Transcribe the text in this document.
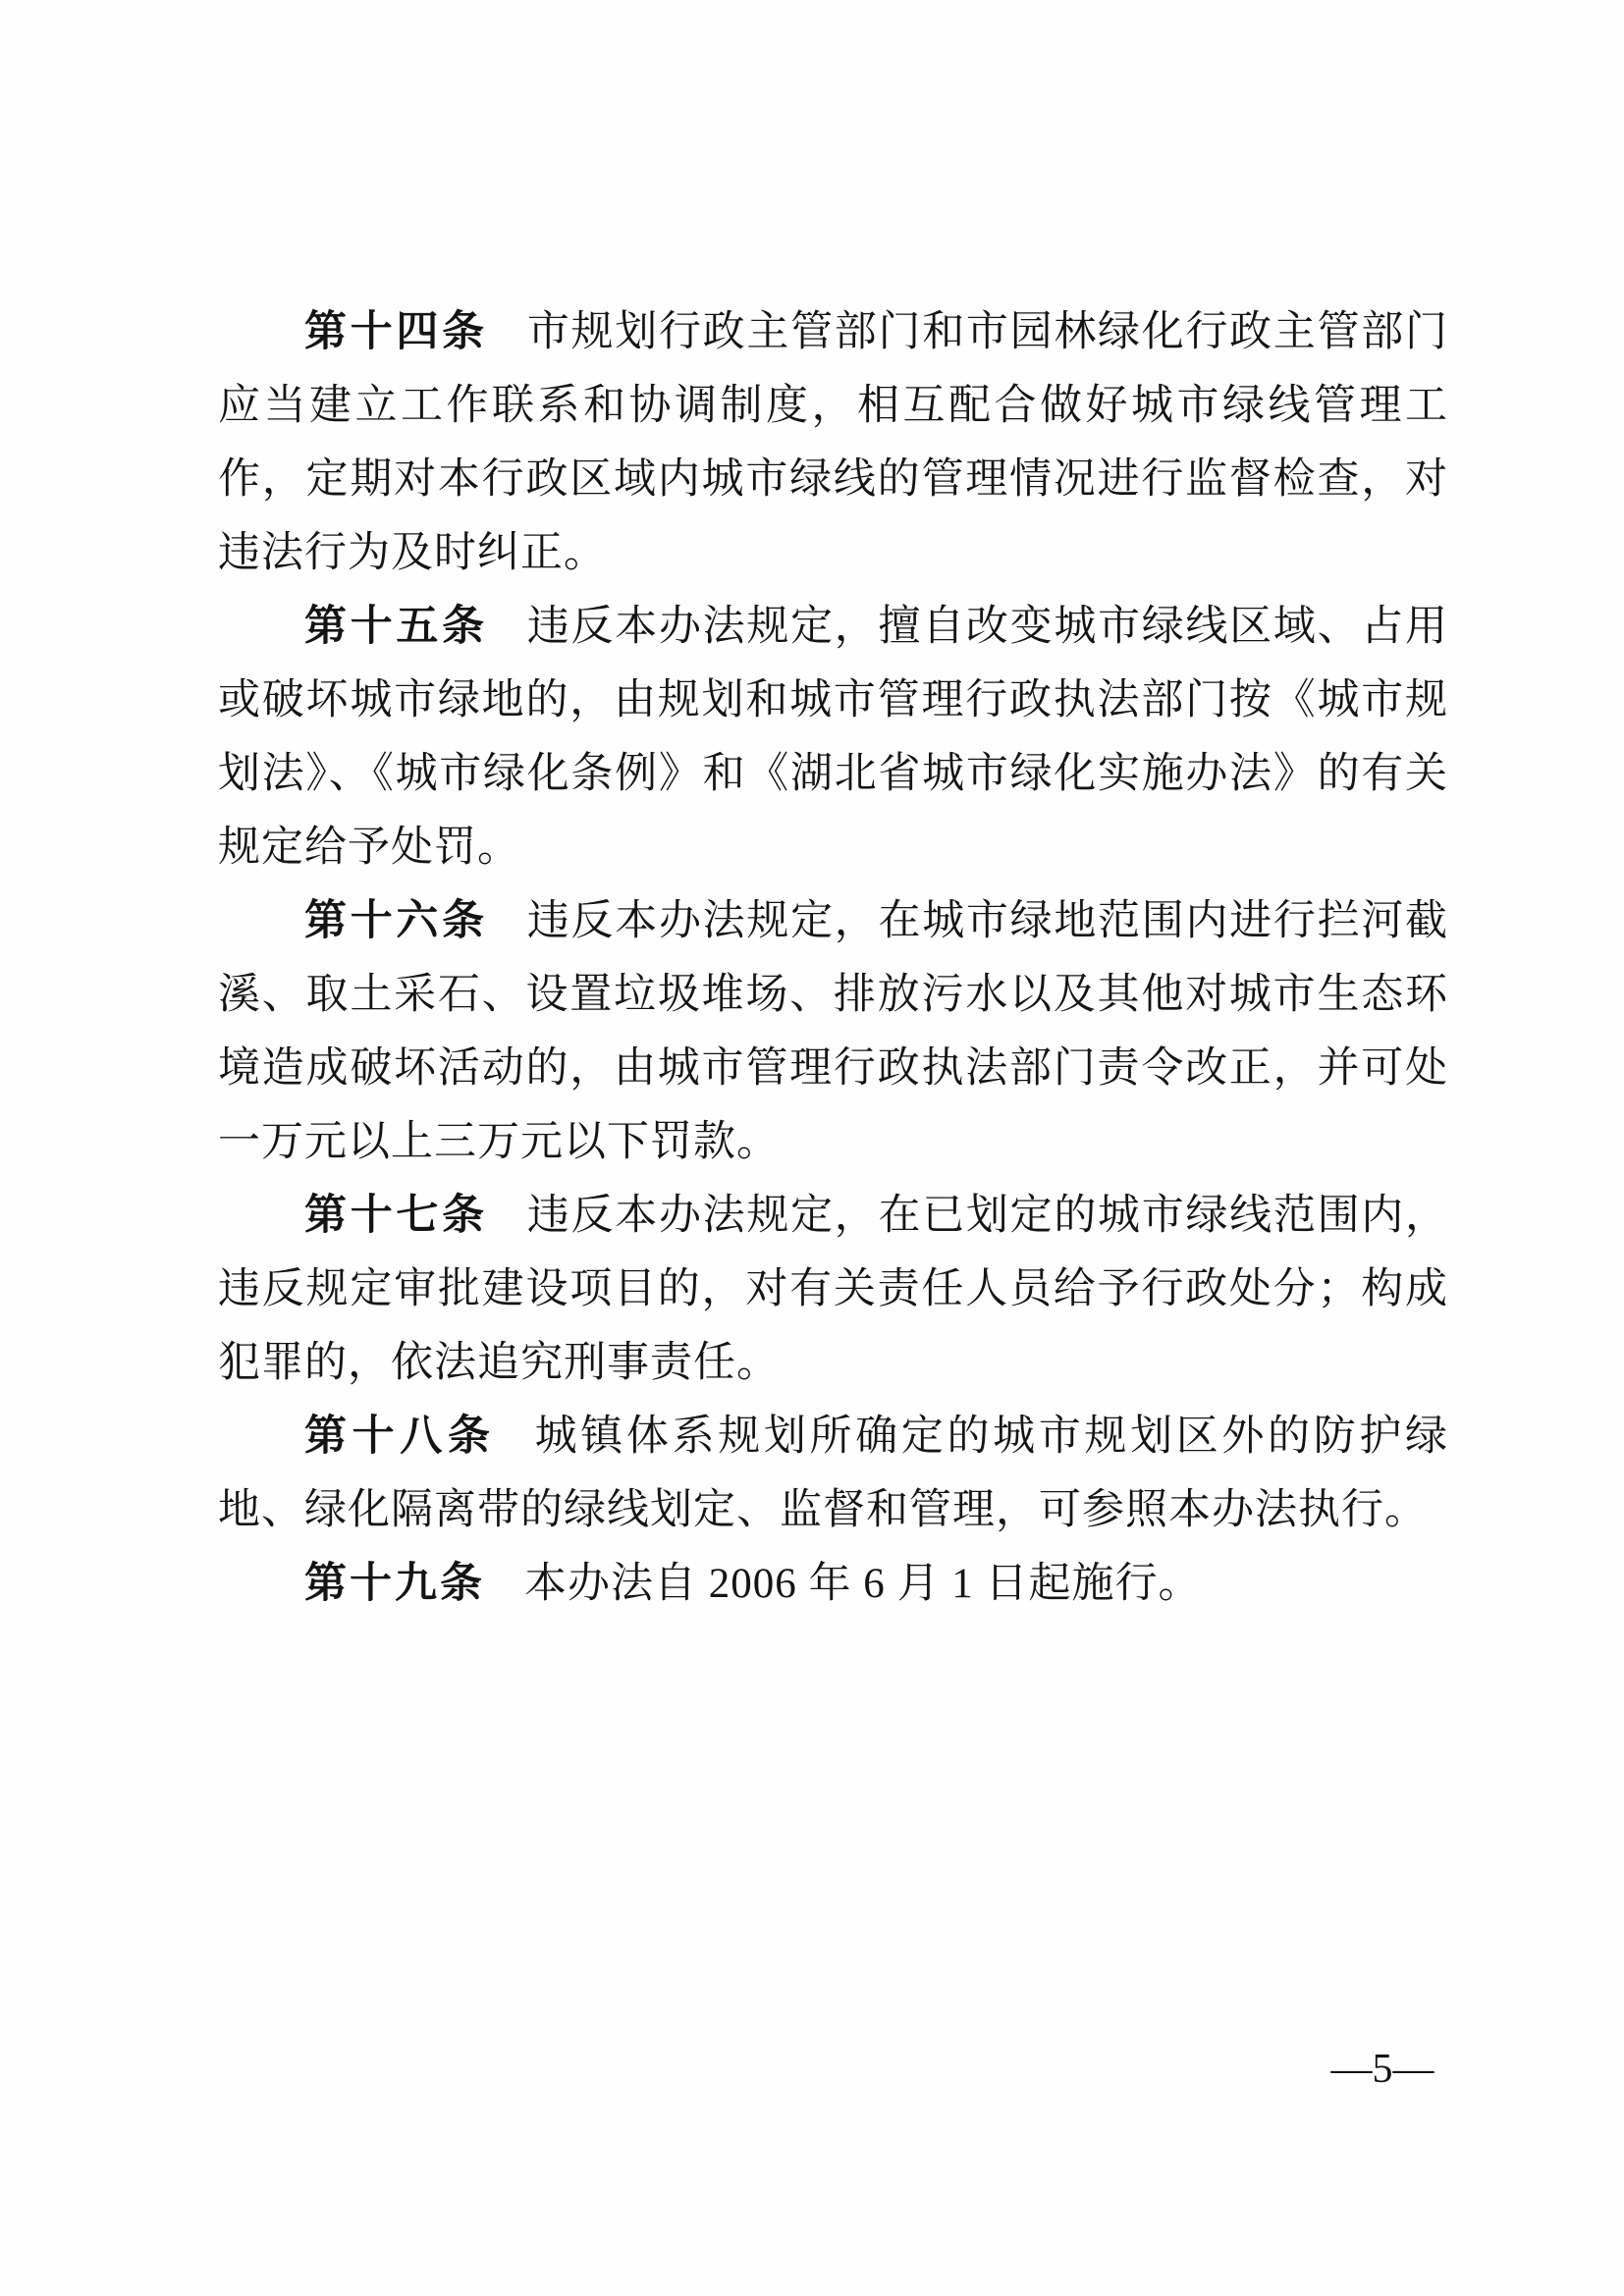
第十四条 市规划行政主管部门和市园林绿化行政主管部门应当建立工作联系和协调制度，相互配合做好城市绿线管理工作，定期对本行政区域内城市绿线的管理情况进行监督检查，对违法行为及时纠正。

第十五条 违反本办法规定，擅自改变城市绿线区域、占用或破坏城市绿地的，由规划和城市管理行政执法部门按《城市规划法》、《城市绿化条例》和《湖北省城市绿化实施办法》的有关规定给予处罚。

第十六条 违反本办法规定，在城市绿地范围内进行拦河截溪、取土采石、设置垃圾堆场、排放污水以及其他对城市生态环境造成破坏活动的，由城市管理行政执法部门责令改正，并可处一万元以上三万元以下罚款。

第十七条 违反本办法规定，在已划定的城市绿线范围内，违反规定审批建设项目的，对有关责任人员给予行政处分；构成犯罪的，依法追究刑事责任。

第十八条 城镇体系规划所确定的城市规划区外的防护绿地、绿化隔离带的绿线划定、监督和管理，可参照本办法执行。

第十九条 本办法自 2006 年 6 月 1 日起施行。

—5—
